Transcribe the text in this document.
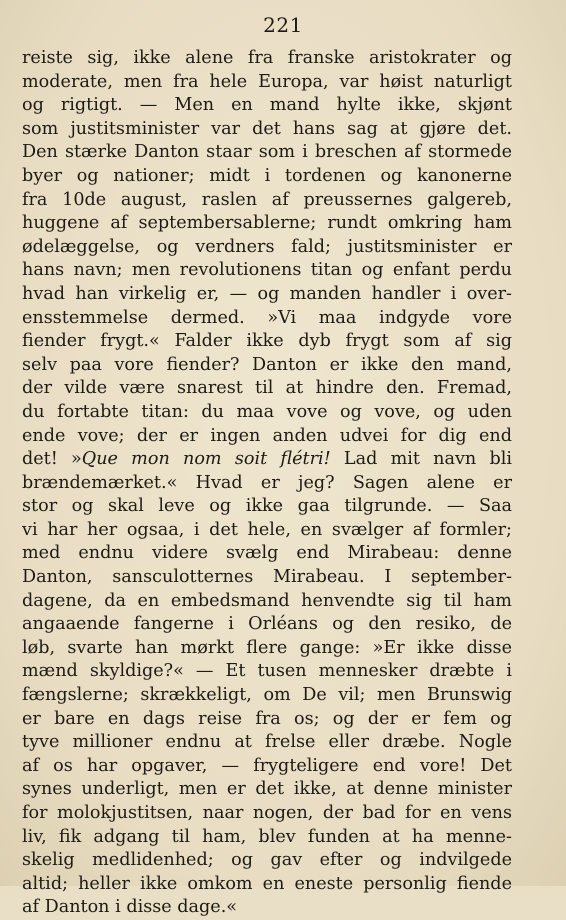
221
reiste sig, ikke alene fra franske aristokrater og
moderate, men fra hele Europa, var høist naturligt
og rigtigt. — Men en mand hylte ikke, skjønt
som justitsminister var det hans sag at gjøre det.
Den stærke Danton staar som i breschen af stormede
byer og nationer; midt i tordenen og kanonerne
fra 10de august, raslen af preussernes galgereb,
huggene af septembersablerne; rundt omkring ham
ødelæggelse, og verdners fald; justitsminister er
hans navn; men revolutionens titan og enfant perdu
hvad han virkelig er, — og manden handler i over-
ensstemmelse dermed. »Vi maa indgyde vore
fiender frygt.« Falder ikke dyb frygt som af sig
selv paa vore fiender? Danton er ikke den mand,
der vilde være snarest til at hindre den. Fremad,
du fortabte titan: du maa vove og vove, og uden
ende vove; der er ingen anden udvei for dig end
det! »Que mon nom soit flétri! Lad mit navn bli
brændemærket.« Hvad er jeg? Sagen alene er
stor og skal leve og ikke gaa tilgrunde. — Saa
vi har her ogsaa, i det hele, en svælger af formler;
med endnu videre svælg end Mirabeau: denne
Danton, sansculotternes Mirabeau. I september-
dagene, da en embedsmand henvendte sig til ham
angaaende fangerne i Orléans og den resiko, de
løb, svarte han mørkt flere gange: »Er ikke disse
mænd skyldige?« — Et tusen mennesker dræbte i
fængslerne; skrækkeligt, om De vil; men Brunswig
er bare en dags reise fra os; og der er fem og
tyve millioner endnu at frelse eller dræbe. Nogle
af os har opgaver, — frygteligere end vore! Det
synes underligt, men er det ikke, at denne minister
for molokjustitsen, naar nogen, der bad for en vens
liv, fik adgang til ham, blev funden at ha menne-
skelig medlidenhed; og gav efter og indvilgede
altid; heller ikke omkom en eneste personlig fiende
af Danton i disse dage.«
